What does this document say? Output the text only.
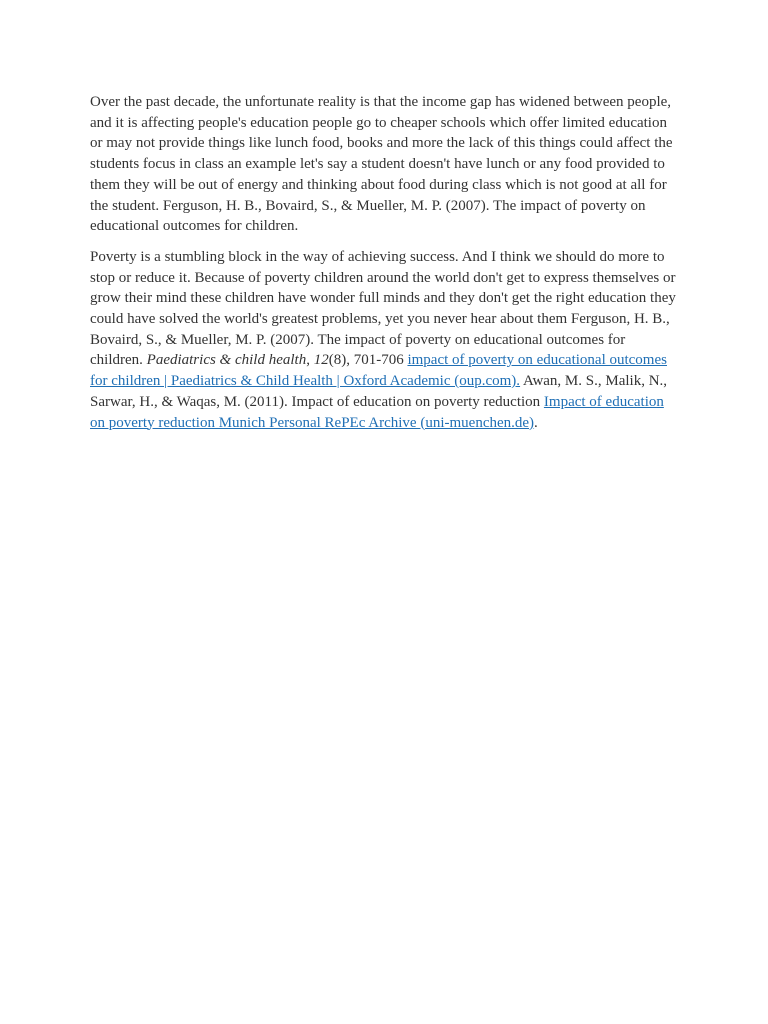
Over the past decade, the unfortunate reality is that the income gap has widened between people, and it is affecting people's education people go to cheaper schools which offer limited education or may not provide things like lunch food, books and more the lack of this things could affect the students focus in class an example let's say a student doesn't have lunch or any food provided to them they will be out of energy and thinking about food during class which is not good at all for the student. Ferguson, H. B., Bovaird, S., & Mueller, M. P. (2007). The impact of poverty on educational outcomes for children.

Poverty is a stumbling block in the way of achieving success. And I think we should do more to stop or reduce it. Because of poverty children around the world don't get to express themselves or grow their mind these children have wonder full minds and they don't get the right education they could have solved the world's greatest problems, yet you never hear about them Ferguson, H. B., Bovaird, S., & Mueller, M. P. (2007). The impact of poverty on educational outcomes for children. Paediatrics & child health, 12(8), 701-706 impact of poverty on educational outcomes for children | Paediatrics & Child Health | Oxford Academic (oup.com). Awan, M. S., Malik, N., Sarwar, H., & Waqas, M. (2011). Impact of education on poverty reduction Impact of education on poverty reduction Munich Personal RePEc Archive (uni-muenchen.de).
